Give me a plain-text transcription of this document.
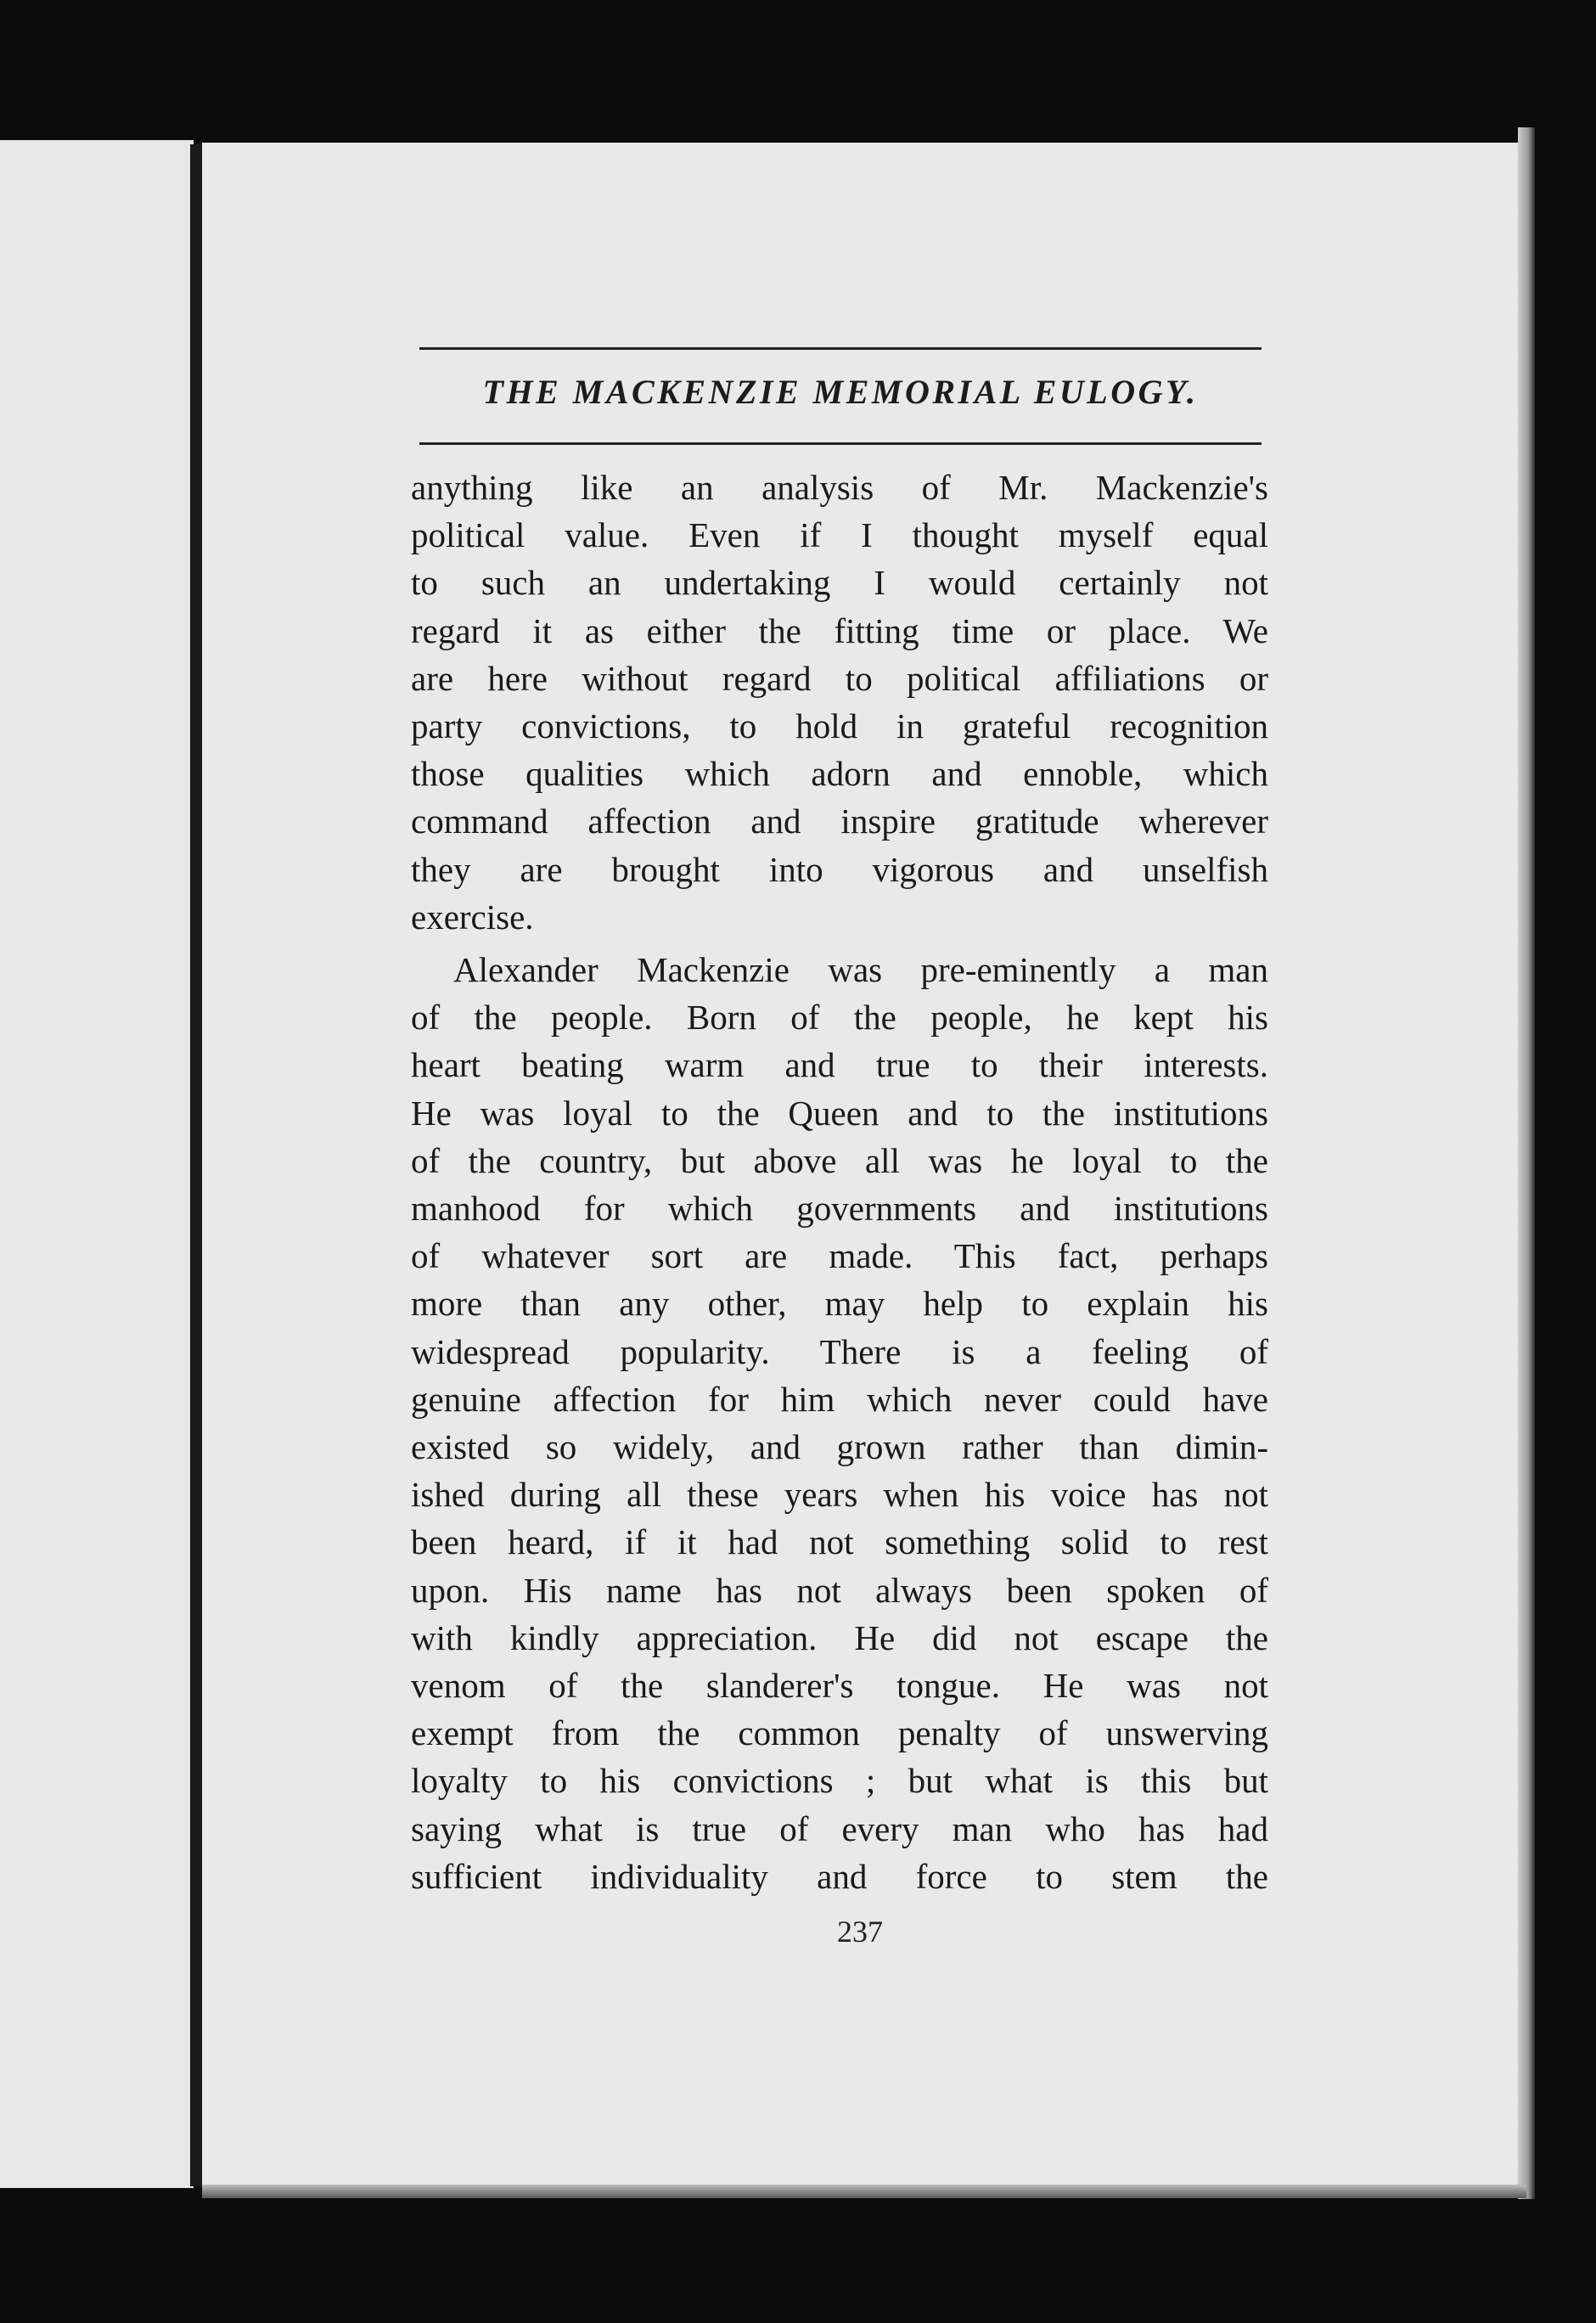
THE MACKENZIE MEMORIAL EULOGY.
anything like an analysis of Mr. Mackenzie's
political value. Even if I thought myself equal
to such an undertaking I would certainly not
regard it as either the fitting time or place. We
are here without regard to political affiliations or
party convictions, to hold in grateful recognition
those qualities which adorn and ennoble, which
command affection and inspire gratitude wherever
they are brought into vigorous and unselfish
exercise.
Alexander Mackenzie was pre-eminently a man
of the people. Born of the people, he kept his
heart beating warm and true to their interests.
He was loyal to the Queen and to the institutions
of the country, but above all was he loyal to the
manhood for which governments and institutions
of whatever sort are made. This fact, perhaps
more than any other, may help to explain his
widespread popularity. There is a feeling of
genuine affection for him which never could have
existed so widely, and grown rather than dimin-
ished during all these years when his voice has not
been heard, if it had not something solid to rest
upon. His name has not always been spoken of
with kindly appreciation. He did not escape the
venom of the slanderer's tongue. He was not
exempt from the common penalty of unswerving
loyalty to his convictions ; but what is this but
saying what is true of every man who has had
sufficient individuality and force to stem the
237
